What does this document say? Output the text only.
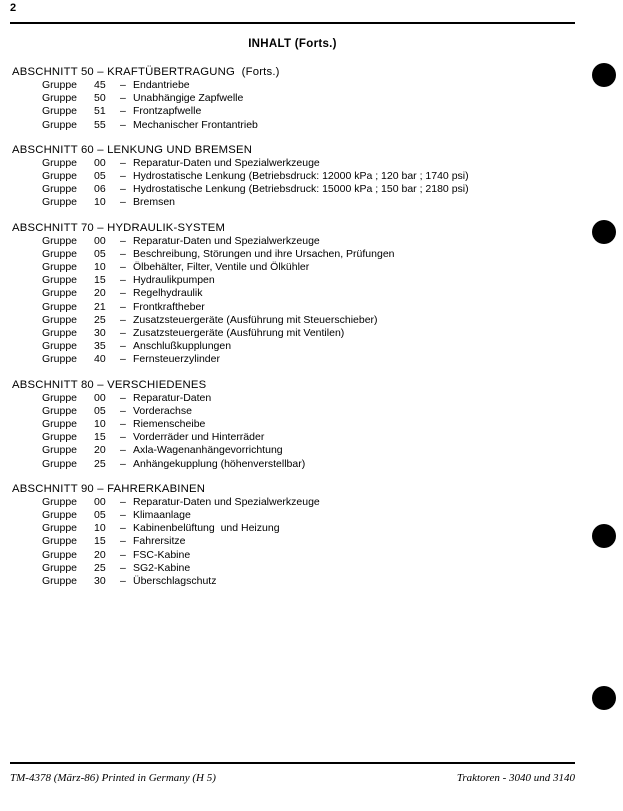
2
INHALT (Forts.)
ABSCHNITT 50 – KRAFTÜBERTRAGUNG  (Forts.)
Gruppe 45 – Endantriebe
Gruppe 50 – Unabhängige Zapfwelle
Gruppe 51 – Frontzapfwelle
Gruppe 55 – Mechanischer Frontantrieb
ABSCHNITT 60 – LENKUNG UND BREMSEN
Gruppe 00 – Reparatur-Daten und Spezialwerkzeuge
Gruppe 05 – Hydrostatische Lenkung (Betriebsdruck: 12000 kPa ; 120 bar ; 1740 psi)
Gruppe 06 – Hydrostatische Lenkung (Betriebsdruck: 15000 kPa ; 150 bar ; 2180 psi)
Gruppe 10 – Bremsen
ABSCHNITT 70 – HYDRAULIK-SYSTEM
Gruppe 00 – Reparatur-Daten und Spezialwerkzeuge
Gruppe 05 – Beschreibung, Störungen und ihre Ursachen, Prüfungen
Gruppe 10 – Ölbehälter, Filter, Ventile und Ölkühler
Gruppe 15 – Hydraulikpumpen
Gruppe 20 – Regelhydraulik
Gruppe 21 – Frontkraftheber
Gruppe 25 – Zusatzsteuergeräte (Ausführung mit Steuerschieber)
Gruppe 30 – Zusatzsteuergeräte (Ausführung mit Ventilen)
Gruppe 35 – Anschlußkupplungen
Gruppe 40 – Fernsteuerzylinder
ABSCHNITT 80 – VERSCHIEDENES
Gruppe 00 – Reparatur-Daten
Gruppe 05 – Vorderachse
Gruppe 10 – Riemenscheibe
Gruppe 15 – Vorderräder und Hinterräder
Gruppe 20 – Axla-Wagenanhängevorrichtung
Gruppe 25 – Anhängekupplung (höhenverstellbar)
ABSCHNITT 90 – FAHRERKABINEN
Gruppe 00 – Reparatur-Daten und Spezialwerkzeuge
Gruppe 05 – Klimaanlage
Gruppe 10 – Kabinenbelüftung  und Heizung
Gruppe 15 – Fahrersitze
Gruppe 20 – FSC-Kabine
Gruppe 25 – SG2-Kabine
Gruppe 30 – Überschlagschutz
TM-4378 (März-86) Printed in Germany (H 5)	Traktoren - 3040 und 3140
